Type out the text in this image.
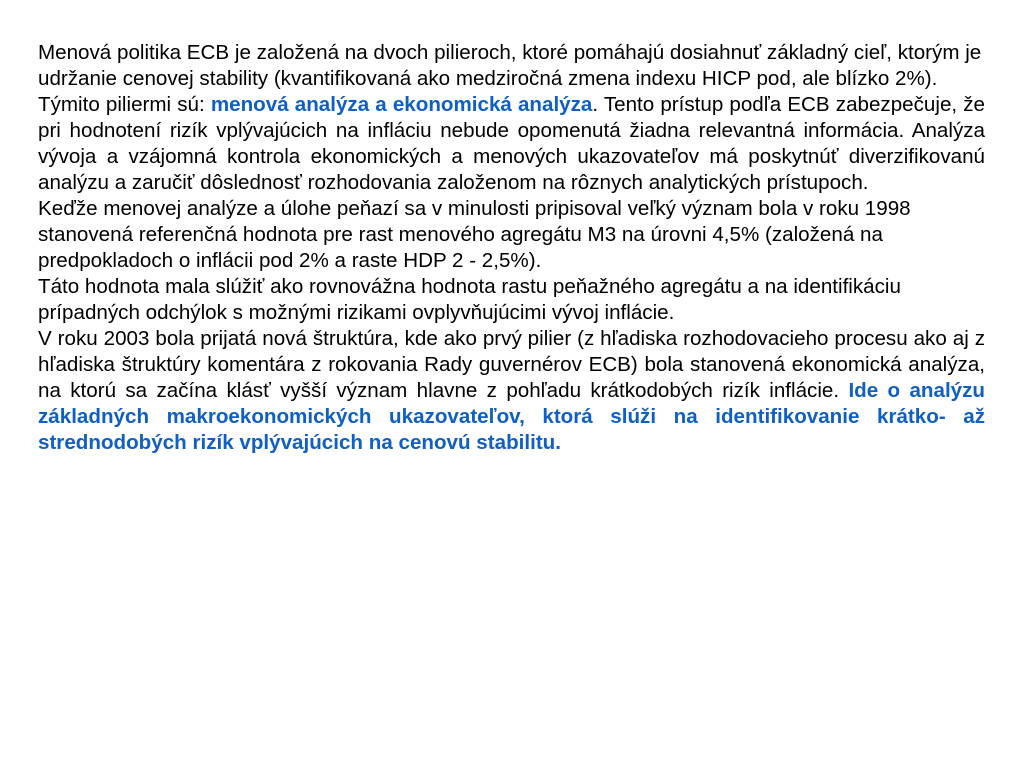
Menová politika ECB je založená na dvoch pilieroch, ktoré pomáhajú dosiahnuť základný cieľ, ktorým je udržanie cenovej stability (kvantifikovaná ako medziročná zmena indexu HICP pod, ale blízko 2%).

Týmito piliermi sú: menová analýza a ekonomická analýza. Tento prístup podľa ECB zabezpečuje, že pri hodnotení rizík vplývajúcich na infláciu nebude opomenutá žiadna relevantná informácia. Analýza vývoja a vzájomná kontrola ekonomických a menových ukazovateľov má poskytnúť diverzifikovanú analýzu a zaručiť dôslednosť rozhodovania založenom na rôznych analytických prístupoch.

Keďže menovej analýze a úlohe peňazí sa v minulosti pripisoval veľký význam bola v roku 1998 stanovená referenčná hodnota pre rast menového agregátu M3 na úrovni 4,5% (založená na predpokladoch o inflácii pod 2% a raste HDP 2 - 2,5%).

Táto hodnota mala slúžiť ako rovnovážna hodnota rastu peňažného agregátu a na identifikáciu prípadných odchýlok s možnými rizikami ovplyvňujúcimi vývoj inflácie.

V roku 2003 bola prijatá nová štruktúra, kde ako prvý pilier (z hľadiska rozhodovacieho procesu ako aj z hľadiska štruktúry komentára z rokovania Rady guvernérov ECB) bola stanovená ekonomická analýza, na ktorú sa začína klásť vyšší význam hlavne z pohľadu krátkodobých rizík inflácie. Ide o analýzu základných makroekonomických ukazovateľov, ktorá slúži na identifikovanie krátko- až strednodobých rizík vplývajúcich na cenovú stabilitu.
